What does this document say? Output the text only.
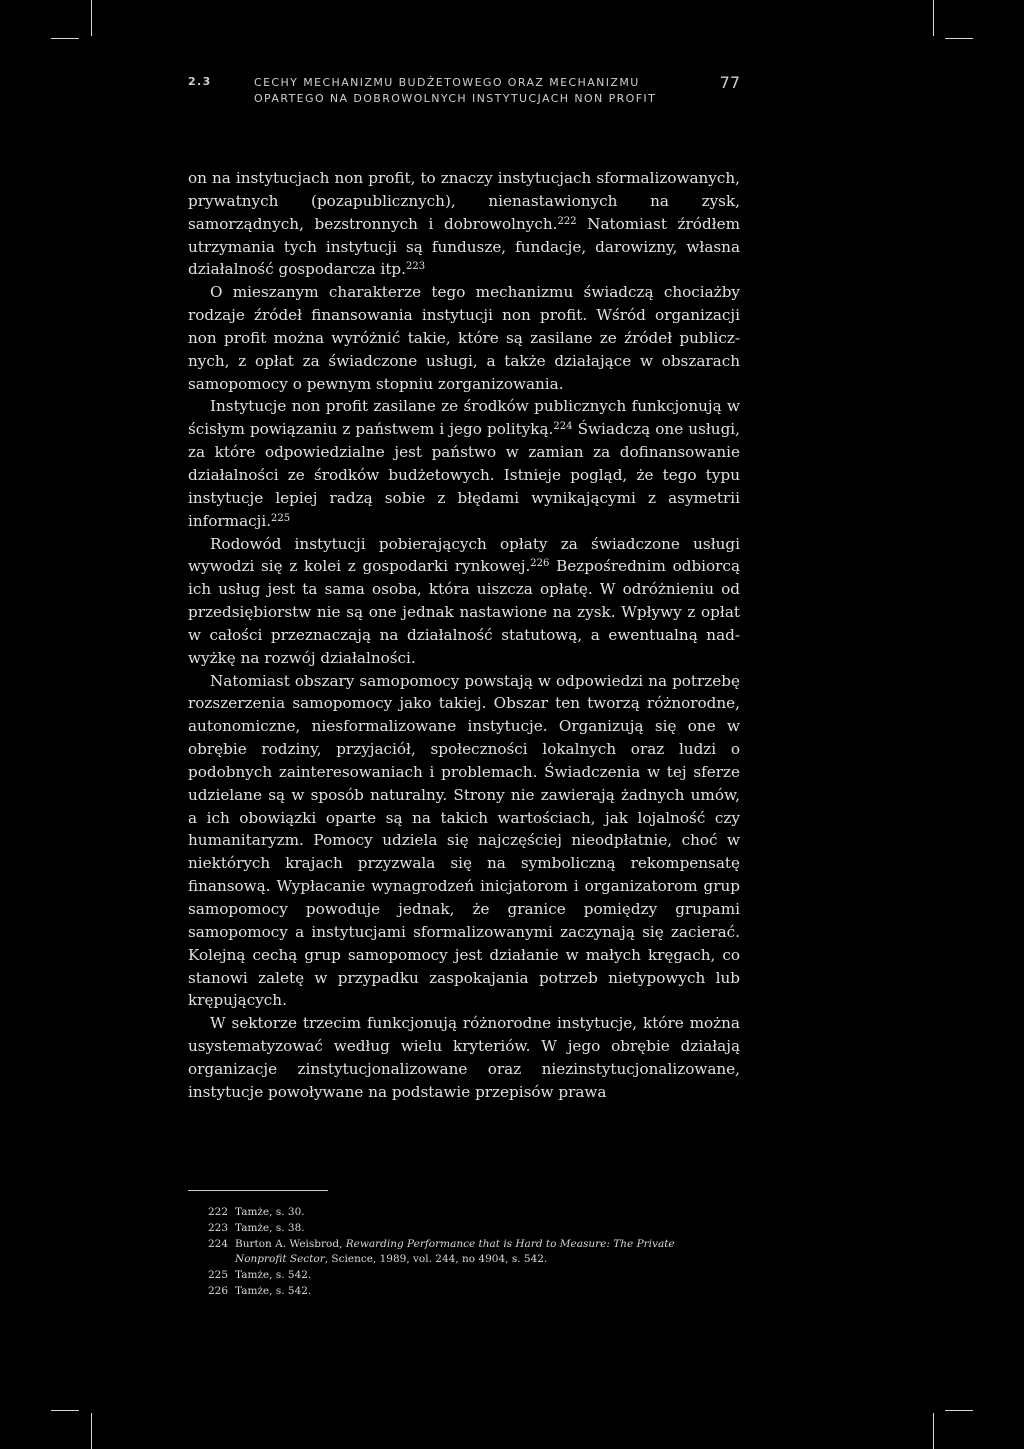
2.3	CECHY MECHANIZMU BUDŻETOWEGO ORAZ MECHANIZMU
OPARTEGO NA DOBROWOLNYCH INSTYTUCJACH NON PROFIT
77

on na instytucjach non profit, to znaczy instytucjach sformalizowanych, prywatnych (pozapublicznych), nienastawionych na zysk, samorządnych, bezstronnych i dobrowolnych.$^{222}$ Natomiast źródłem utrzymania tych instytucji są fundusze, fundacje, darowizny, własna działalność gospodarcza itp.$^{223}$

O mieszanym charakterze tego mechanizmu świadczą chociażby rodzaje źródeł finansowania instytucji non profit. Wśród organizacji non profit można wyróżnić takie, które są zasilane ze źródeł publicznych, z opłat za świadczone usługi, a także działające w obszarach samopomocy o pewnym stopniu zorganizowania.

Instytucje non profit zasilane ze środków publicznych funkcjonują w ścisłym powiązaniu z państwem i jego polityką.$^{224}$ Świadczą one usługi, za które odpowiedzialne jest państwo w zamian za dofinansowanie działalności ze środków budżetowych. Istnieje pogląd, że tego typu instytucje lepiej radzą sobie z błędami wynikającymi z asymetrii informacji.$^{225}$

Rodowód instytucji pobierających opłaty za świadczone usługi wywodzi się z kolei z gospodarki rynkowej.$^{226}$ Bezpośrednim odbiorcą ich usług jest ta sama osoba, która uiszcza opłatę. W odróżnieniu od przedsiębiorstw nie są one jednak nastawione na zysk. Wpływy z opłat w całości przeznaczają na działalność statutową, a ewentualną nadwyżkę na rozwój działalności.

Natomiast obszary samopomocy powstają w odpowiedzi na potrzebę rozszerzenia samopomocy jako takiej. Obszar ten tworzą różnorodne, autonomiczne, niesformalizowane instytucje. Organizują się one w obrębie rodziny, przyjaciół, społeczności lokalnych oraz ludzi o podobnych zainteresowaniach i problemach. Świadczenia w tej sferze udzielane są w sposób naturalny. Strony nie zawierają żadnych umów, a ich obowiązki oparte są na takich wartościach, jak lojalność czy humanitaryzm. Pomocy udziela się najczęściej nieodpłatnie, choć w niektórych krajach przyzwala się na symboliczną rekompensatę finansową. Wypłacanie wynagrodzeń inicjatorom i organizatorom grup samopomocy powoduje jednak, że granice pomiędzy grupami samopomocy a instytucjami sformalizowanymi zaczynają się zacierać. Kolejną cechą grup samopomocy jest działanie w małych kręgach, co stanowi zaletę w przypadku zaspokajania potrzeb nietypowych lub krępujących.

W sektorze trzecim funkcjonują różnorodne instytucje, które można usystematyzować według wielu kryteriów. W jego obrębie działają organizacje zinstytucjonalizowane oraz niezinstytucjonalizowane, instytucje powoływane na podstawie przepisów prawa

222 Tamże, s. 30.
223 Tamże, s. 38.
224 Burton A. Weisbrod, Rewarding Performance that is Hard to Measure: The Private Nonprofit Sector, Science, 1989, vol. 244, no 4904, s. 542.
225 Tamże, s. 542.
226 Tamże, s. 542.
